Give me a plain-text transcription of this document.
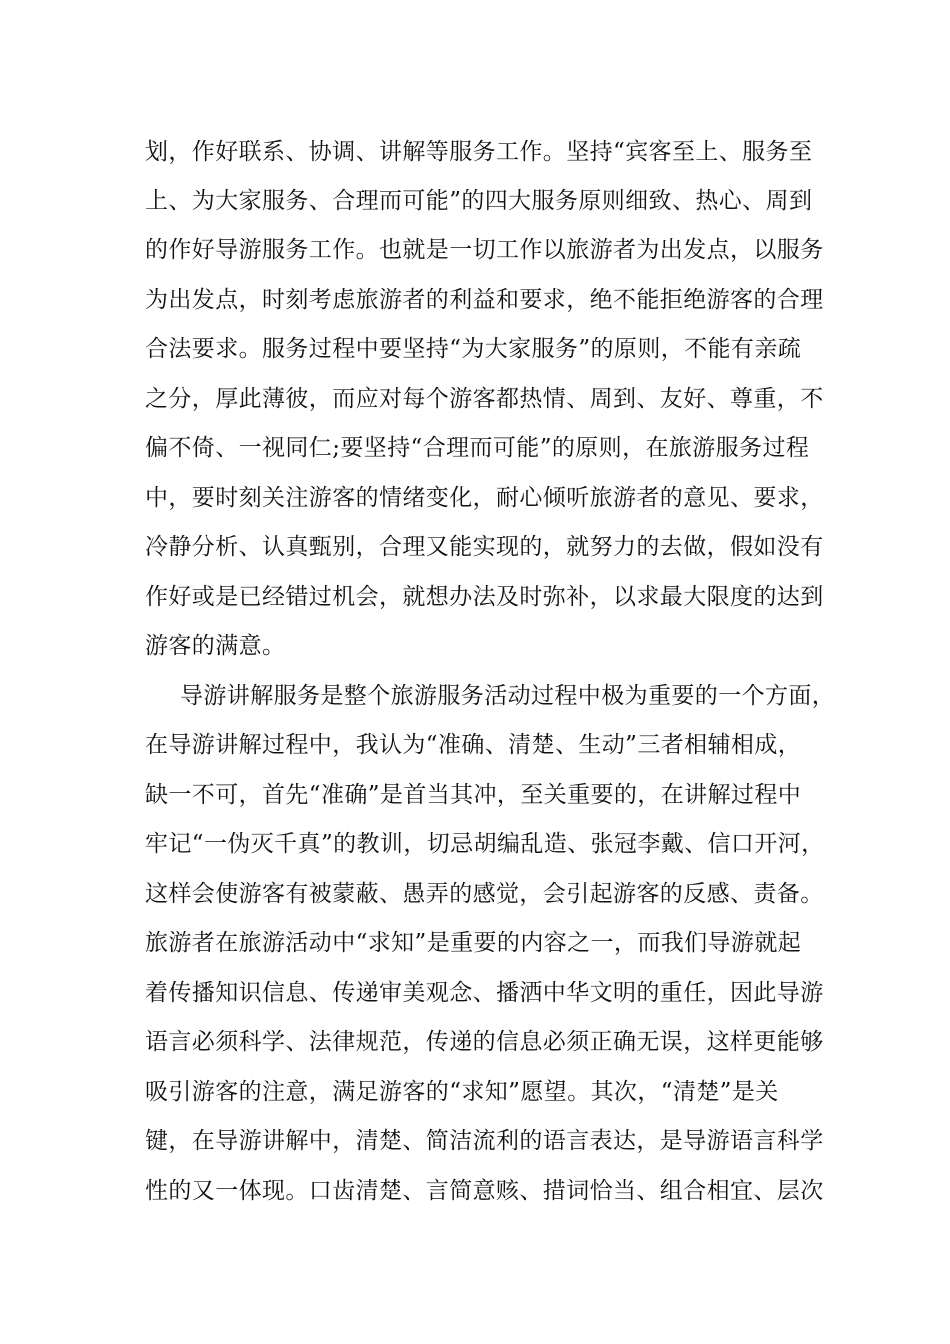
划，作好联系、协调、讲解等服务工作。坚持“宾客至上、服务至
上、为大家服务、合理而可能”的四大服务原则细致、热心、周到
的作好导游服务工作。也就是一切工作以旅游者为出发点，以服务
为出发点，时刻考虑旅游者的利益和要求，绝不能拒绝游客的合理
合法要求。服务过程中要坚持“为大家服务”的原则，不能有亲疏
之分，厚此薄彼，而应对每个游客都热情、周到、友好、尊重，不
偏不倚、一视同仁;要坚持“合理而可能”的原则，在旅游服务过程
中，要时刻关注游客的情绪变化，耐心倾听旅游者的意见、要求，
冷静分析、认真甄别，合理又能实现的，就努力的去做，假如没有
作好或是已经错过机会，就想办法及时弥补，以求最大限度的达到
游客的满意。
导游讲解服务是整个旅游服务活动过程中极为重要的一个方面，
在导游讲解过程中，我认为“准确、清楚、生动”三者相辅相成，
缺一不可，首先“准确”是首当其冲，至关重要的，在讲解过程中
牢记“一伪灭千真”的教训，切忌胡编乱造、张冠李戴、信口开河，
这样会使游客有被蒙蔽、愚弄的感觉，会引起游客的反感、责备。
旅游者在旅游活动中“求知”是重要的内容之一，而我们导游就起
着传播知识信息、传递审美观念、播洒中华文明的重任，因此导游
语言必须科学、法律规范，传递的信息必须正确无误，这样更能够
吸引游客的注意，满足游客的“求知”愿望。其次，“清楚”是关
键，在导游讲解中，清楚、简洁流利的语言表达，是导游语言科学
性的又一体现。口齿清楚、言简意赅、措词恰当、组合相宜、层次
